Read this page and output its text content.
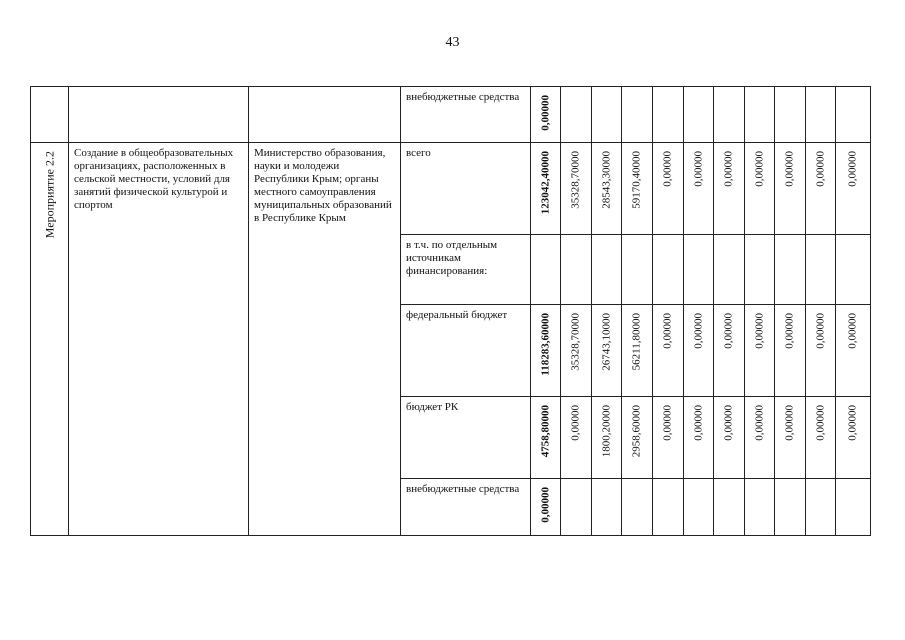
43

			внебюджетные средства	0,00000										

Мероприятие 2.2	Создание в общеобразовательных организациях, расположенных в сельской местности, условий для занятий физической культурой и спортом	Министерство образования, науки и молодежи Республики Крым; органы местного самоуправления муниципальных образований в Республике Крым	всего	123042,40000	35328,70000	28543,30000	59170,40000	0,00000	0,00000	0,00000	0,00000	0,00000	0,00000	0,00000

			в т.ч. по отдельным источникам финансирования:											

			федеральный бюджет	118283,60000	35328,70000	26743,10000	56211,80000	0,00000	0,00000	0,00000	0,00000	0,00000	0,00000	0,00000

			бюджет РК	4758,80000	0,00000	1800,20000	2958,60000	0,00000	0,00000	0,00000	0,00000	0,00000	0,00000	0,00000

			внебюджетные средства	0,00000										
